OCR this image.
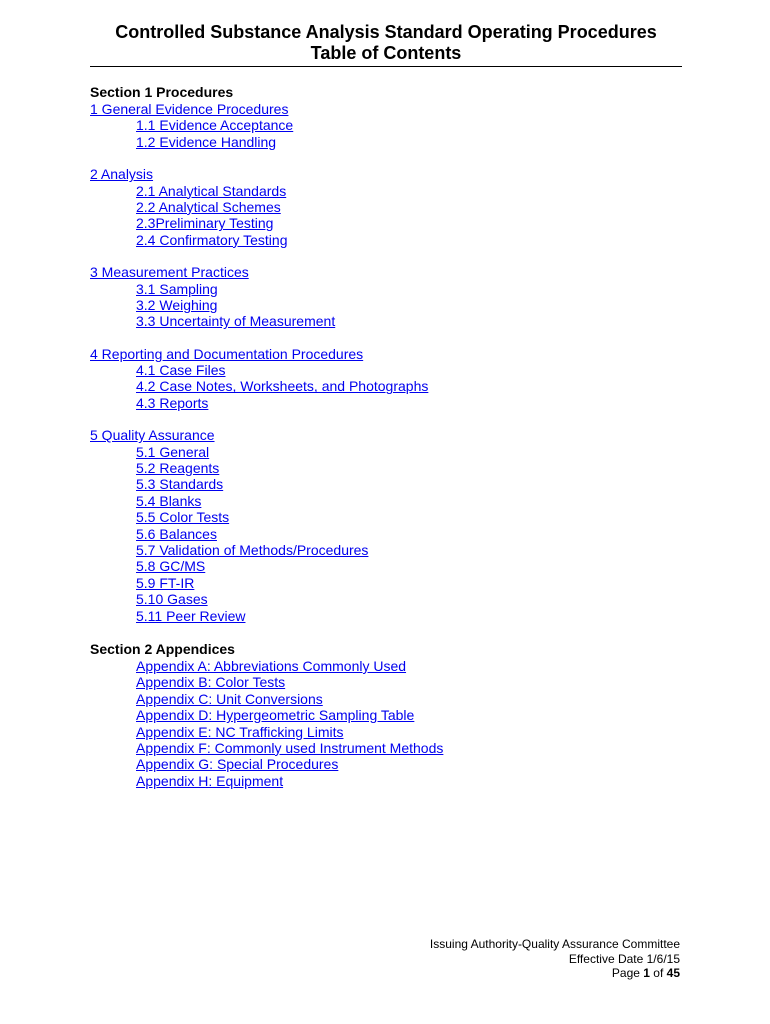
Controlled Substance Analysis Standard Operating Procedures

Table of Contents

Section 1 Procedures

1 General Evidence Procedures
1.1 Evidence Acceptance
1.2 Evidence Handling
2 Analysis
2.1 Analytical Standards
2.2 Analytical Schemes
2.3Preliminary Testing
2.4 Confirmatory Testing
3 Measurement Practices
3.1 Sampling
3.2 Weighing
3.3 Uncertainty of Measurement
4 Reporting and Documentation Procedures
4.1 Case Files
4.2 Case Notes, Worksheets, and Photographs
4.3 Reports
5 Quality Assurance
5.1 General
5.2 Reagents
5.3 Standards
5.4 Blanks
5.5 Color Tests
5.6 Balances
5.7 Validation of Methods/Procedures
5.8 GC/MS
5.9 FT-IR
5.10 Gases
5.11 Peer Review

Section 2 Appendices

Appendix A: Abbreviations Commonly Used
Appendix B: Color Tests
Appendix C: Unit Conversions
Appendix D: Hypergeometric Sampling Table
Appendix E: NC Trafficking Limits
Appendix F: Commonly used Instrument Methods
Appendix G: Special Procedures
Appendix H: Equipment
Issuing Authority-Quality Assurance Committee
Effective Date 1/6/15
Page 1 of 45
